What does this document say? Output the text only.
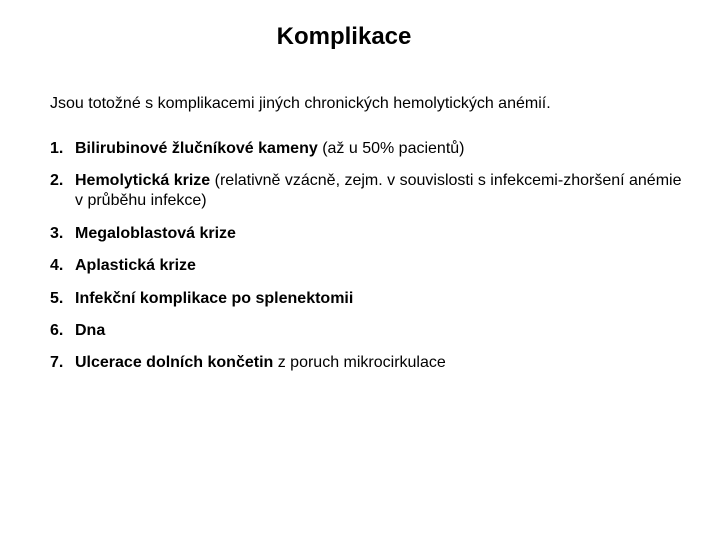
Komplikace

Jsou totožné s komplikacemi jiných chronických hemolytických anémií.

1. Bilirubinové žlučníkové kameny (až u 50% pacientů)
2. Hemolytická krize (relativně vzácně, zejm. v souvislosti s infekcemi-zhoršení anémie v průběhu infekce)
3. Megaloblastová krize
4. Aplastická krize
5. Infekční komplikace po splenektomii
6. Dna
7. Ulcerace dolních končetin z poruch mikrocirkulace
